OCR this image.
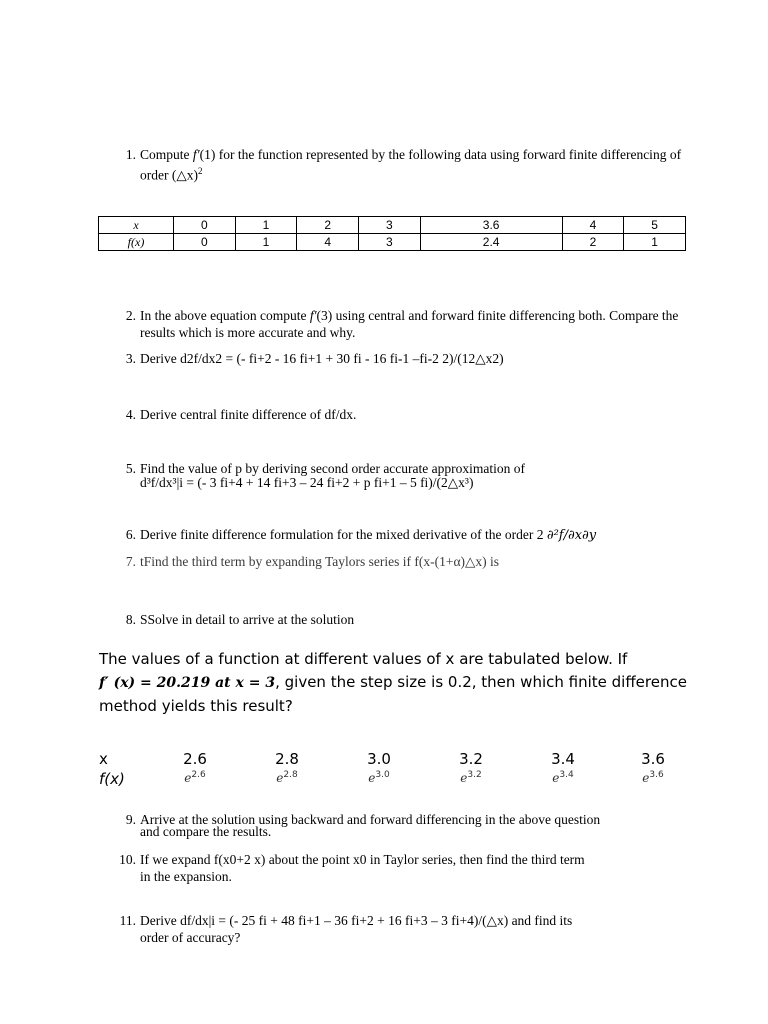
1. Compute f′(1) for the function represented by the following data using forward finite differencing of order (△x)$^2$
x	0	1	2	3	3.6	4	5
f(x)	0	1	4	3	2.4	2	1
2. In the above equation compute f′(3) using central and forward finite differencing both. Compare the results which is more accurate and why.
3. Derive d2f/dx2 = (- fi+2 - 16 fi+1 + 30 fi - 16 fi-1 –fi-2 2)/(12△x2)
4. Derive central finite difference of df/dx.
5. Find the value of p by deriving second order accurate approximation of
d³f/dx³|i = (- 3 fi+4 + 14 fi+3 – 24 fi+2 + p fi+1 – 5 fi)/(2△x³)
6. Derive finite difference formulation for the mixed derivative of the order 2 ∂²f/∂x∂y
7. tFind the third term by expanding Taylors series if f(x-(1+α)△x) is
8. SSolve in detail to arrive at the solution
The values of a function at different values of x are tabulated below. If
f′ (x) = 20.219 at x = 3, given the step size is 0.2, then which finite difference method yields this result?
x	2.6	2.8	3.0	3.2	3.4	3.6
f(x)	$e^{2.6}$	$e^{2.8}$	$e^{3.0}$	$e^{3.2}$	$e^{3.4}$	$e^{3.6}$
9. Arrive at the solution using backward and forward differencing in the above question
and compare the results.
10. If we expand f(x0+2 x) about the point x0 in Taylor series, then find the third term
in the expansion.
11. Derive df/dx|i = (- 25 fi + 48 fi+1 – 36 fi+2 + 16 fi+3 – 3 fi+4)/(△x) and find its
order of accuracy?
